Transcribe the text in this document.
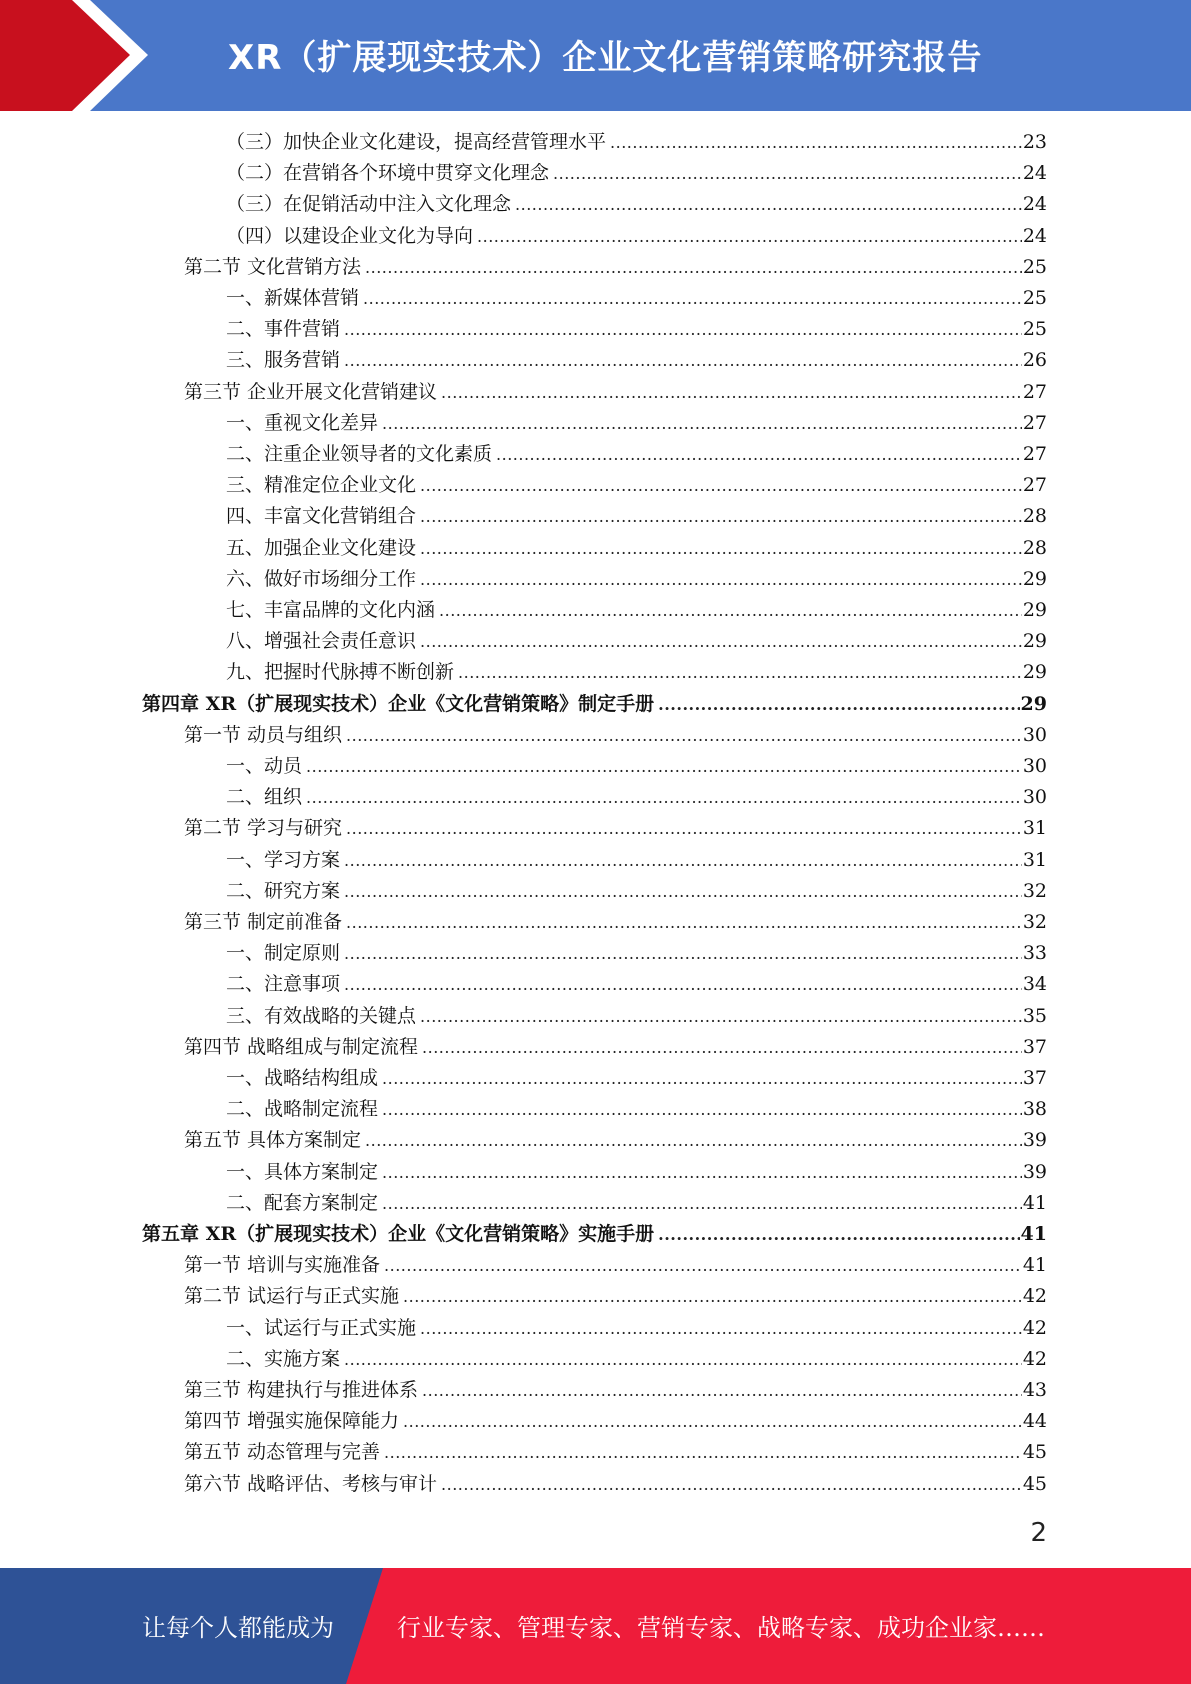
XR（扩展现实技术）企业文化营销策略研究报告
（三）加快企业文化建设，提高经营管理水平 .....	23
（二）在营销各个环境中贯穿文化理念 .....	24
（三）在促销活动中注入文化理念 .....	24
（四）以建设企业文化为导向 .....	24
第二节 文化营销方法 .....	25
一、新媒体营销 .....	25
二、事件营销 .....	25
三、服务营销 .....	26
第三节 企业开展文化营销建议 .....	27
一、重视文化差异 .....	27
二、注重企业领导者的文化素质 .....	27
三、精准定位企业文化 .....	27
四、丰富文化营销组合 .....	28
五、加强企业文化建设 .....	28
六、做好市场细分工作 .....	29
七、丰富品牌的文化内涵 .....	29
八、增强社会责任意识 .....	29
九、把握时代脉搏不断创新 .....	29
第四章 XR（扩展现实技术）企业《文化营销策略》制定手册 .....	29
第一节 动员与组织 .....	30
一、动员 .....	30
二、组织 .....	30
第二节 学习与研究 .....	31
一、学习方案 .....	31
二、研究方案 .....	32
第三节 制定前准备 .....	32
一、制定原则 .....	33
二、注意事项 .....	34
三、有效战略的关键点 .....	35
第四节 战略组成与制定流程 .....	37
一、战略结构组成 .....	37
二、战略制定流程 .....	38
第五节 具体方案制定 .....	39
一、具体方案制定 .....	39
二、配套方案制定 .....	41
第五章 XR（扩展现实技术）企业《文化营销策略》实施手册 .....	41
第一节 培训与实施准备 .....	41
第二节 试运行与正式实施 .....	42
一、试运行与正式实施 .....	42
二、实施方案 .....	42
第三节 构建执行与推进体系 .....	43
第四节 增强实施保障能力 .....	44
第五节 动态管理与完善 .....	45
第六节 战略评估、考核与审计 .....	45
2
让每个人都能成为	行业专家、管理专家、营销专家、战略专家、成功企业家……
